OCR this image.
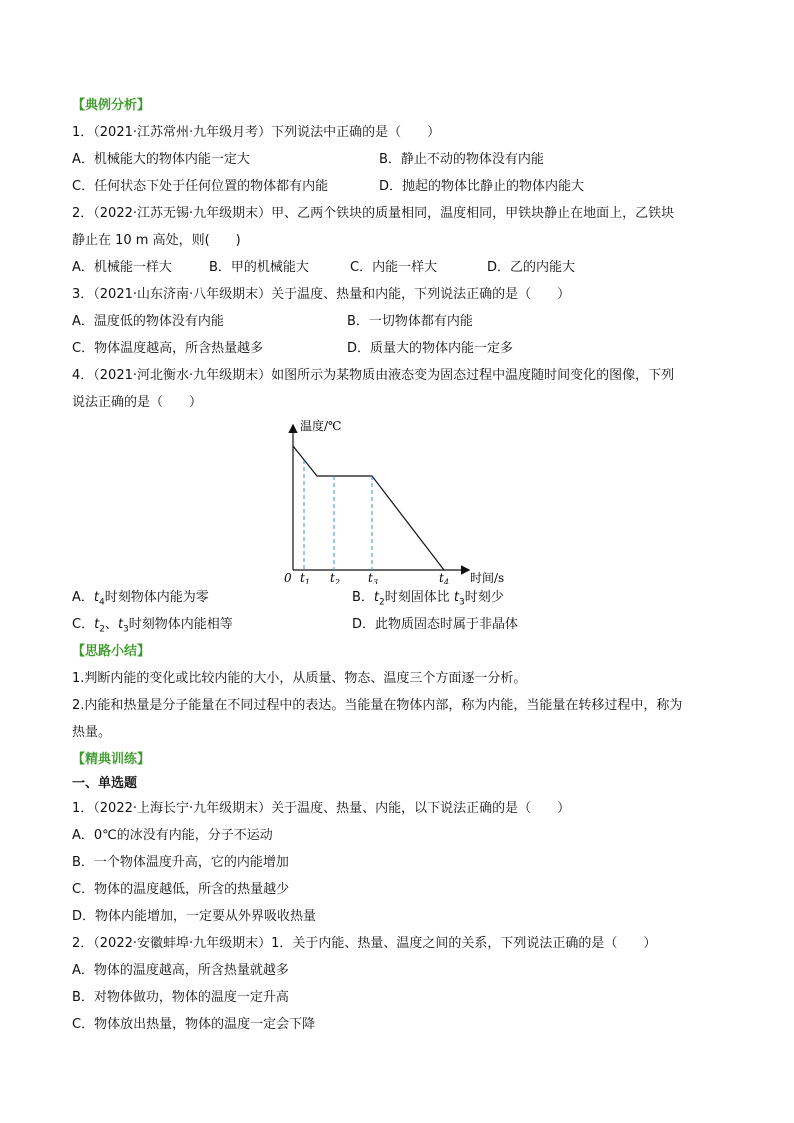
【典例分析】
1．（2021·江苏常州·九年级月考）下列说法中正确的是（　　）
A．机械能大的物体内能一定大	B．静止不动的物体没有内能
C．任何状态下处于任何位置的物体都有内能	D．抛起的物体比静止的物体内能大
2．（2022·江苏无锡·九年级期末）甲、乙两个铁块的质量相同，温度相同，甲铁块静止在地面上，乙铁块
静止在 10 m 高处，则(　　)
A．机械能一样大	B．甲的机械能大	C．内能一样大	D．乙的内能大
3．（2021·山东济南·八年级期末）关于温度、热量和内能，下列说法正确的是（　　）
A．温度低的物体没有内能	B．一切物体都有内能
C．物体温度越高，所含热量越多	D．质量大的物体内能一定多
4．（2021·河北衡水·九年级期末）如图所示为某物质由液态变为固态过程中温度随时间变化的图像，下列
说法正确的是（　　）
温度/℃
时间/s
0 $t_1$ $t_2$ $t_3$	$t_4$
A．$t_4$时刻物体内能为零	B．$t_2$时刻固体比 $t_3$时刻少
C．$t_2$、$t_3$时刻物体内能相等	D．此物质固态时属于非晶体
【思路小结】
1.判断内能的变化或比较内能的大小，从质量、物态、温度三个方面逐一分析。
2.内能和热量是分子能量在不同过程中的表达。当能量在物体内部，称为内能，当能量在转移过程中，称为
热量。
【精典训练】
一、单选题
1．（2022·上海长宁·九年级期末）关于温度、热量、内能，以下说法正确的是（　　）
A．0℃的冰没有内能，分子不运动
B．一个物体温度升高，它的内能增加
C．物体的温度越低，所含的热量越少
D．物体内能增加，一定要从外界吸收热量
2．（2022·安徽蚌埠·九年级期末）1．关于内能、热量、温度之间的关系，下列说法正确的是（　　）
A．物体的温度越高，所含热量就越多
B．对物体做功，物体的温度一定升高
C．物体放出热量，物体的温度一定会下降
